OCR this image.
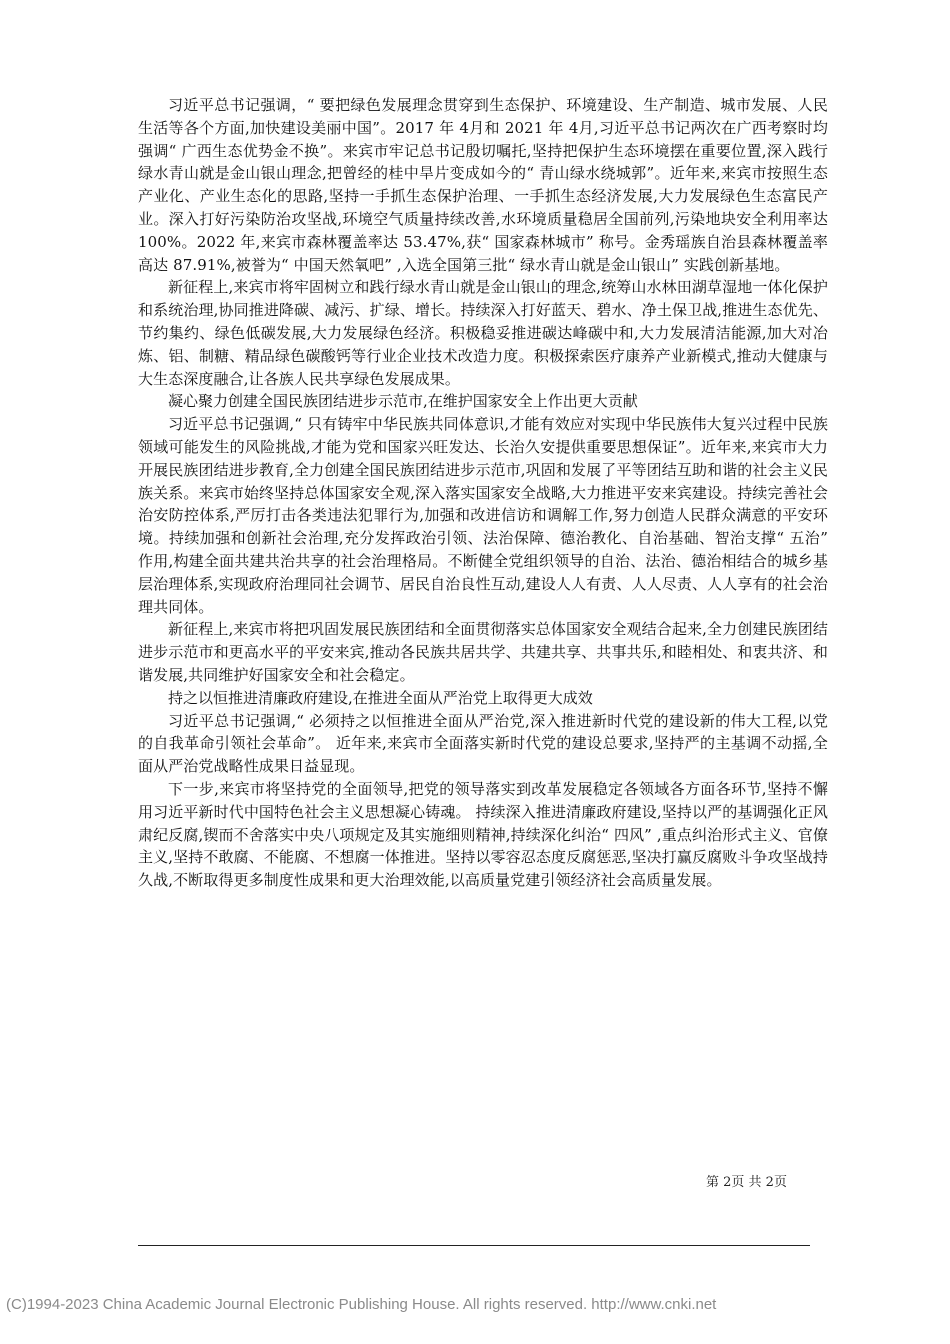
习近平总书记强调，“ 要把绿色发展理念贯穿到生态保护、环境建设、生产制造、城市发展、人民生活等各个方面,加快建设美丽中国”。2017 年 4月和 2021 年 4月,习近平总书记两次在广西考察时均强调“ 广西生态优势金不换”。来宾市牢记总书记殷切嘱托,坚持把保护生态环境摆在重要位置,深入践行绿水青山就是金山银山理念,把曾经的桂中旱片变成如今的“ 青山绿水绕城郭”。近年来,来宾市按照生态产业化、产业生态化的思路,坚持一手抓生态保护治理、一手抓生态经济发展,大力发展绿色生态富民产业。深入打好污染防治攻坚战,环境空气质量持续改善,水环境质量稳居全国前列,污染地块安全利用率达 100%。2022 年,来宾市森林覆盖率达 53.47%,获“ 国家森林城市” 称号。金秀瑶族自治县森林覆盖率高达 87.91%,被誉为“ 中国天然氧吧” ,入选全国第三批“ 绿水青山就是金山银山” 实践创新基地。

新征程上,来宾市将牢固树立和践行绿水青山就是金山银山的理念,统筹山水林田湖草湿地一体化保护和系统治理,协同推进降碳、减污、扩绿、增长。持续深入打好蓝天、碧水、净土保卫战,推进生态优先、节约集约、绿色低碳发展,大力发展绿色经济。积极稳妥推进碳达峰碳中和,大力发展清洁能源,加大对冶炼、铝、制糖、精品绿色碳酸钙等行业企业技术改造力度。积极探索医疗康养产业新模式,推动大健康与大生态深度融合,让各族人民共享绿色发展成果。

凝心聚力创建全国民族团结进步示范市,在维护国家安全上作出更大贡献

习近平总书记强调,“ 只有铸牢中华民族共同体意识,才能有效应对实现中华民族伟大复兴过程中民族领域可能发生的风险挑战,才能为党和国家兴旺发达、长治久安提供重要思想保证”。近年来,来宾市大力开展民族团结进步教育,全力创建全国民族团结进步示范市,巩固和发展了平等团结互助和谐的社会主义民族关系。来宾市始终坚持总体国家安全观,深入落实国家安全战略,大力推进平安来宾建设。持续完善社会治安防控体系,严厉打击各类违法犯罪行为,加强和改进信访和调解工作,努力创造人民群众满意的平安环境。持续加强和创新社会治理,充分发挥政治引领、法治保障、德治教化、自治基础、智治支撑“ 五治” 作用,构建全面共建共治共享的社会治理格局。不断健全党组织领导的自治、法治、德治相结合的城乡基层治理体系,实现政府治理同社会调节、居民自治良性互动,建设人人有责、人人尽责、人人享有的社会治理共同体。

新征程上,来宾市将把巩固发展民族团结和全面贯彻落实总体国家安全观结合起来,全力创建民族团结进步示范市和更高水平的平安来宾,推动各民族共居共学、共建共享、共事共乐,和睦相处、和衷共济、和谐发展,共同维护好国家安全和社会稳定。

持之以恒推进清廉政府建设,在推进全面从严治党上取得更大成效

习近平总书记强调,“ 必须持之以恒推进全面从严治党,深入推进新时代党的建设新的伟大工程,以党的自我革命引领社会革命”。 近年来,来宾市全面落实新时代党的建设总要求,坚持严的主基调不动摇,全面从严治党战略性成果日益显现。

下一步,来宾市将坚持党的全面领导,把党的领导落实到改革发展稳定各领域各方面各环节,坚持不懈用习近平新时代中国特色社会主义思想凝心铸魂。 持续深入推进清廉政府建设,坚持以严的基调强化正风肃纪反腐,锲而不舍落实中央八项规定及其实施细则精神,持续深化纠治“ 四风” ,重点纠治形式主义、官僚主义,坚持不敢腐、不能腐、不想腐一体推进。坚持以零容忍态度反腐惩恶,坚决打赢反腐败斗争攻坚战持久战,不断取得更多制度性成果和更大治理效能,以高质量党建引领经济社会高质量发展。

第 2页 共 2页
(C)1994-2023 China Academic Journal Electronic Publishing House. All rights reserved. http://www.cnki.net
